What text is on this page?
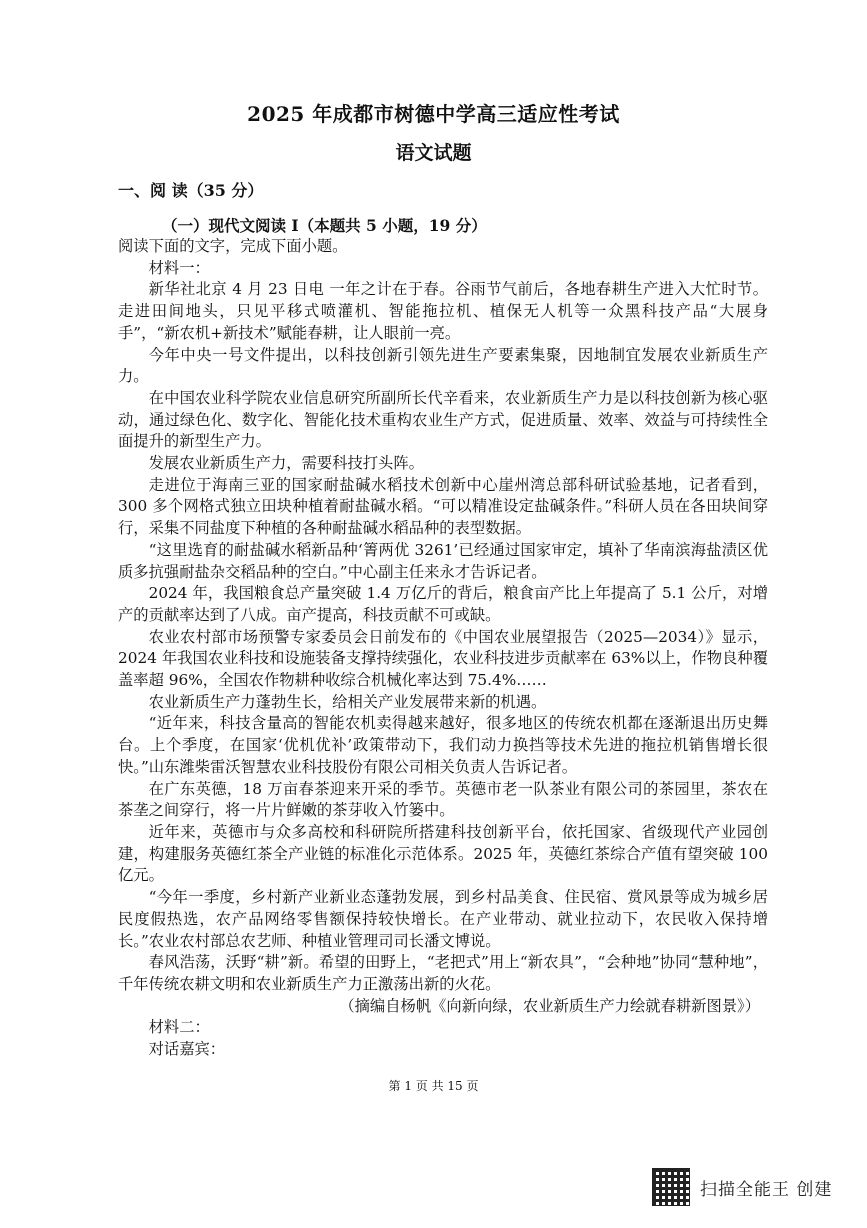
2025 年成都市树德中学高三适应性考试
语文试题
一、阅 读（35 分）
（一）现代文阅读 I（本题共 5 小题，19 分）

阅读下面的文字，完成下面小题。

材料一：

新华社北京 4 月 23 日电 一年之计在于春。谷雨节气前后，各地春耕生产进入大忙时节。走进田间地头，只见平移式喷灌机、智能拖拉机、植保无人机等一众黑科技产品“大展身手”，“新农机+新技术”赋能春耕，让人眼前一亮。

今年中央一号文件提出，以科技创新引领先进生产要素集聚，因地制宜发展农业新质生产力。

在中国农业科学院农业信息研究所副所长代辛看来，农业新质生产力是以科技创新为核心驱动，通过绿色化、数字化、智能化技术重构农业生产方式，促进质量、效率、效益与可持续性全面提升的新型生产力。

发展农业新质生产力，需要科技打头阵。

走进位于海南三亚的国家耐盐碱水稻技术创新中心崖州湾总部科研试验基地，记者看到，300 多个网格式独立田块种植着耐盐碱水稻。“可以精准设定盐碱条件。”科研人员在各田块间穿行，采集不同盐度下种植的各种耐盐碱水稻品种的表型数据。

“这里选育的耐盐碱水稻新品种‘箐两优 3261’已经通过国家审定，填补了华南滨海盐渍区优质多抗强耐盐杂交稻品种的空白。”中心副主任来永才告诉记者。

2024 年，我国粮食总产量突破 1.4 万亿斤的背后，粮食亩产比上年提高了 5.1 公斤，对增产的贡献率达到了八成。亩产提高，科技贡献不可或缺。

农业农村部市场预警专家委员会日前发布的《中国农业展望报告（2025—2034）》显示，2024 年我国农业科技和设施装备支撑持续强化，农业科技进步贡献率在 63%以上，作物良种覆盖率超 96%，全国农作物耕种收综合机械化率达到 75.4%……

农业新质生产力蓬勃生长，给相关产业发展带来新的机遇。

“近年来，科技含量高的智能农机卖得越来越好，很多地区的传统农机都在逐渐退出历史舞台。上个季度，在国家‘优机优补’政策带动下，我们动力换挡等技术先进的拖拉机销售增长很快。”山东潍柴雷沃智慧农业科技股份有限公司相关负责人告诉记者。

在广东英德，18 万亩春茶迎来开采的季节。英德市老一队茶业有限公司的茶园里，茶农在茶垄之间穿行，将一片片鲜嫩的茶芽收入竹篓中。

近年来，英德市与众多高校和科研院所搭建科技创新平台，依托国家、省级现代产业园创建，构建服务英德红茶全产业链的标准化示范体系。2025 年，英德红茶综合产值有望突破 100 亿元。

“今年一季度，乡村新产业新业态蓬勃发展，到乡村品美食、住民宿、赏风景等成为城乡居民度假热选，农产品网络零售额保持较快增长。在产业带动、就业拉动下，农民收入保持增长。”农业农村部总农艺师、种植业管理司司长潘文博说。

春风浩荡，沃野“耕”新。希望的田野上，“老把式”用上“新农具”，“会种地”协同“慧种地”，千年传统农耕文明和农业新质生产力正激荡出新的火花。

（摘编自杨帆《向新向绿，农业新质生产力绘就春耕新图景》）

材料二：

对话嘉宾：

第 1 页 共 15 页
扫描全能王 创建
